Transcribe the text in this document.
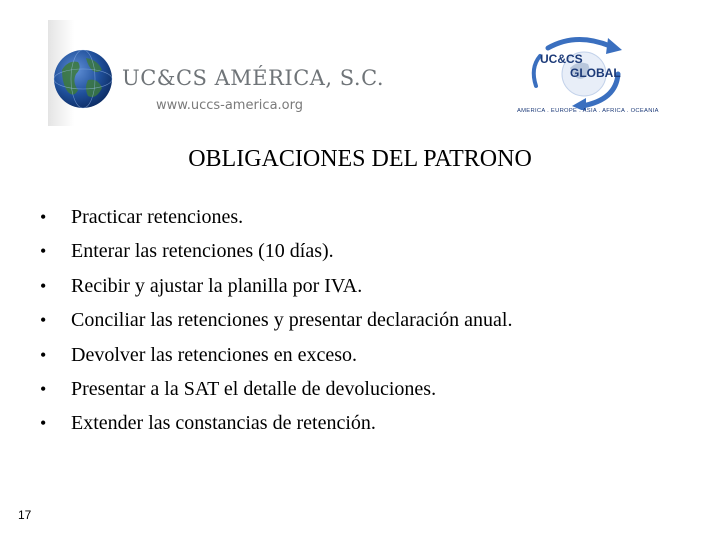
UC&CS AMÉRICA, S.C.
www.uccs-america.org
UC&CS
GLOBAL
AMERICA . EUROPE . ASIA . AFRICA . OCEANIA
OBLIGACIONES DEL PATRONO
•	Practicar retenciones.
•	Enterar las retenciones (10 días).
•	Recibir y ajustar la planilla por IVA.
•	Conciliar las retenciones y presentar declaración anual.
•	Devolver las retenciones en exceso.
•	Presentar a la SAT el detalle de devoluciones.
•	Extender las constancias de retención.
17
